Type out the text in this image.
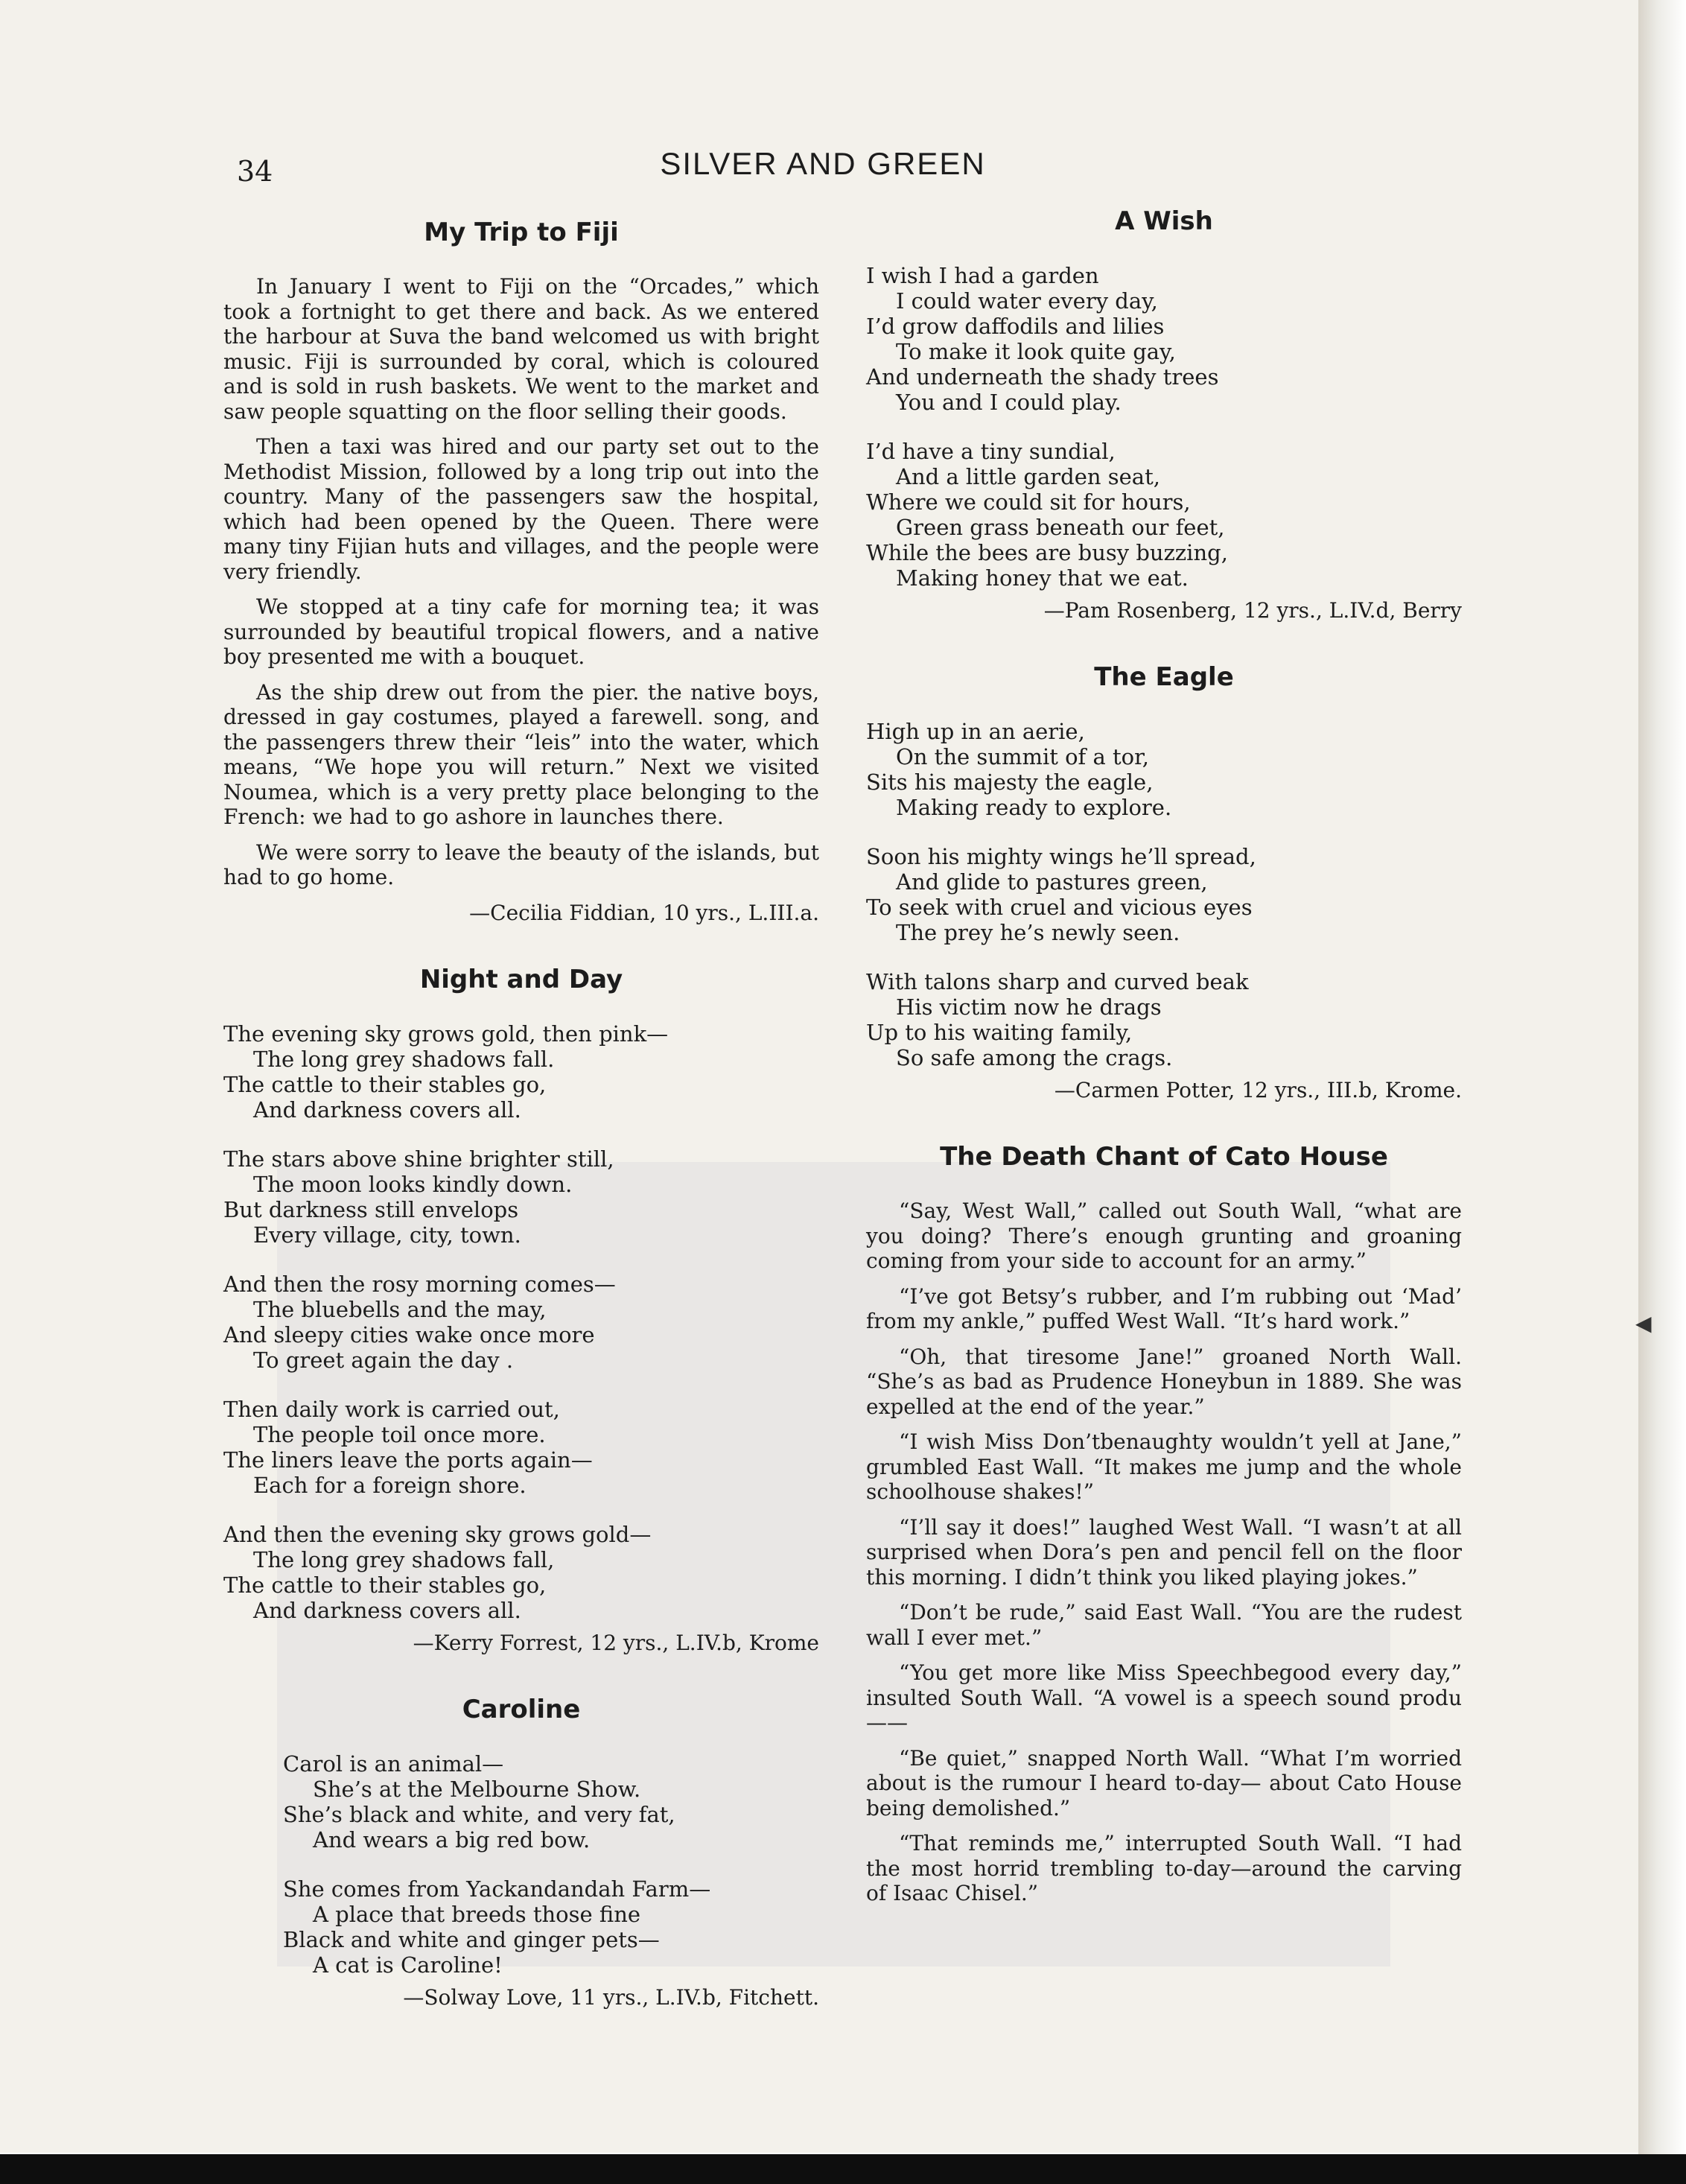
34	SILVER AND GREEN
My Trip to Fiji

In January I went to Fiji on the “Orcades,” which took a fortnight to get there and back. As we entered the harbour at Suva the band welcomed us with bright music. Fiji is surrounded by coral, which is coloured and is sold in rush baskets. We went to the market and saw people squatting on the floor selling their goods.

Then a taxi was hired and our party set out to the Methodist Mission, followed by a long trip out into the country. Many of the passengers saw the hospital, which had been opened by the Queen. There were many tiny Fijian huts and villages, and the people were very friendly.

We stopped at a tiny cafe for morning tea; it was surrounded by beautiful tropical flowers, and a native boy presented me with a bouquet.

As the ship drew out from the pier. the native boys, dressed in gay costumes, played a farewell. song, and the passengers threw their “leis” into the water, which means, “We hope you will return.” Next we visited Noumea, which is a very pretty place belonging to the French: we had to go ashore in launches there.

We were sorry to leave the beauty of the islands, but had to go home.

—Cecilia Fiddian, 10 yrs., L.III.a.
Night and Day
The evening sky grows gold, then pink—
The long grey shadows fall.
The cattle to their stables go,
And darkness covers all.
The stars above shine brighter still,
The moon looks kindly down.
But darkness still envelops
Every village, city, town.
And then the rosy morning comes—
The bluebells and the may,
And sleepy cities wake once more
To greet again the day .
Then daily work is carried out,
The people toil once more.
The liners leave the ports again—
Each for a foreign shore.
And then the evening sky grows gold—
The long grey shadows fall,
The cattle to their stables go,
And darkness covers all.
—Kerry Forrest, 12 yrs., L.IV.b, Krome
Caroline
Carol is an animal—
She’s at the Melbourne Show.
She’s black and white, and very fat,
And wears a big red bow.
She comes from Yackandandah Farm—
A place that breeds those fine
Black and white and ginger pets—
A cat is Caroline!
—Solway Love, 11 yrs., L.IV.b, Fitchett.
A Wish
I wish I had a garden
I could water every day,
I’d grow daffodils and lilies
To make it look quite gay,
And underneath the shady trees
You and I could play.
I’d have a tiny sundial,
And a little garden seat,
Where we could sit for hours,
Green grass beneath our feet,
While the bees are busy buzzing,
Making honey that we eat.
—Pam Rosenberg, 12 yrs., L.IV.d, Berry
The Eagle
High up in an aerie,
On the summit of a tor,
Sits his majesty the eagle,
Making ready to explore.
Soon his mighty wings he’ll spread,
And glide to pastures green,
To seek with cruel and vicious eyes
The prey he’s newly seen.
With talons sharp and curved beak
His victim now he drags
Up to his waiting family,
So safe among the crags.
—Carmen Potter, 12 yrs., III.b, Krome.
The Death Chant of Cato House

“Say, West Wall,” called out South Wall, “what are you doing? There’s enough grunting and groaning coming from your side to account for an army.”

“I’ve got Betsy’s rubber, and I’m rubbing out ‘Mad’ from my ankle,” puffed West Wall. “It’s hard work.”

“Oh, that tiresome Jane!” groaned North Wall. “She’s as bad as Prudence Honeybun in 1889. She was expelled at the end of the year.”

“I wish Miss Don’tbenaughty wouldn’t yell at Jane,” grumbled East Wall. “It makes me jump and the whole schoolhouse shakes!”

“I’ll say it does!” laughed West Wall. “I wasn’t at all surprised when Dora’s pen and pencil fell on the floor this morning. I didn’t think you liked playing jokes.”

“Don’t be rude,” said East Wall. “You are the rudest wall I ever met.”

“You get more like Miss Speechbegood every day,” insulted South Wall. “A vowel is a speech sound produ——

“Be quiet,” snapped North Wall. “What I’m worried about is the rumour I heard to-day— about Cato House being demolished.”

“That reminds me,” interrupted South Wall. “I had the most horrid trembling to-day—around the carving of Isaac Chisel.”

◀
